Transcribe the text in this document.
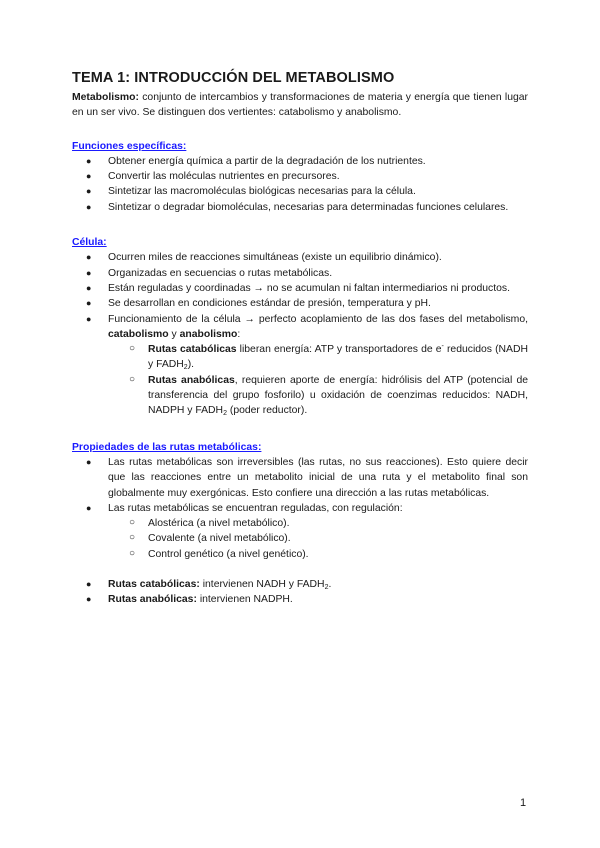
TEMA 1: INTRODUCCIÓN DEL METABOLISMO

Metabolismo: conjunto de intercambios y transformaciones de materia y energía que tienen lugar en un ser vivo. Se distinguen dos vertientes: catabolismo y anabolismo.

Funciones específicas:
● Obtener energía química a partir de la degradación de los nutrientes.
● Convertir las moléculas nutrientes en precursores.
● Sintetizar las macromoléculas biológicas necesarias para la célula.
● Sintetizar o degradar biomoléculas, necesarias para determinadas funciones celulares.
Célula:
● Ocurren miles de reacciones simultáneas (existe un equilibrio dinámico).
● Organizadas en secuencias o rutas metabólicas.
● Están reguladas y coordinadas → no se acumulan ni faltan intermediarios ni productos.
● Se desarrollan en condiciones estándar de presión, temperatura y pH.
● Funcionamiento de la célula → perfecto acoplamiento de las dos fases del metabolismo, catabolismo y anabolismo:
○ Rutas catabólicas liberan energía: ATP y transportadores de e- reducidos (NADH y $FADH_2$).
○ Rutas anabólicas, requieren aporte de energía: hidrólisis del ATP (potencial de transferencia del grupo fosforilo) u oxidación de coenzimas reducidos: NADH, NADPH y $FADH_2$ (poder reductor).
Propiedades de las rutas metabólicas:
● Las rutas metabólicas son irreversibles (las rutas, no sus reacciones). Esto quiere decir que las reacciones entre un metabolito inicial de una ruta y el metabolito final son globalmente muy exergónicas. Esto confiere una dirección a las rutas metabólicas.
● Las rutas metabólicas se encuentran reguladas, con regulación:
○ Alostérica (a nivel metabólico).
○ Covalente (a nivel metabólico).
○ Control genético (a nivel genético).
● Rutas catabólicas: intervienen NADH y $FADH_2$.
● Rutas anabólicas: intervienen NADPH.
1
